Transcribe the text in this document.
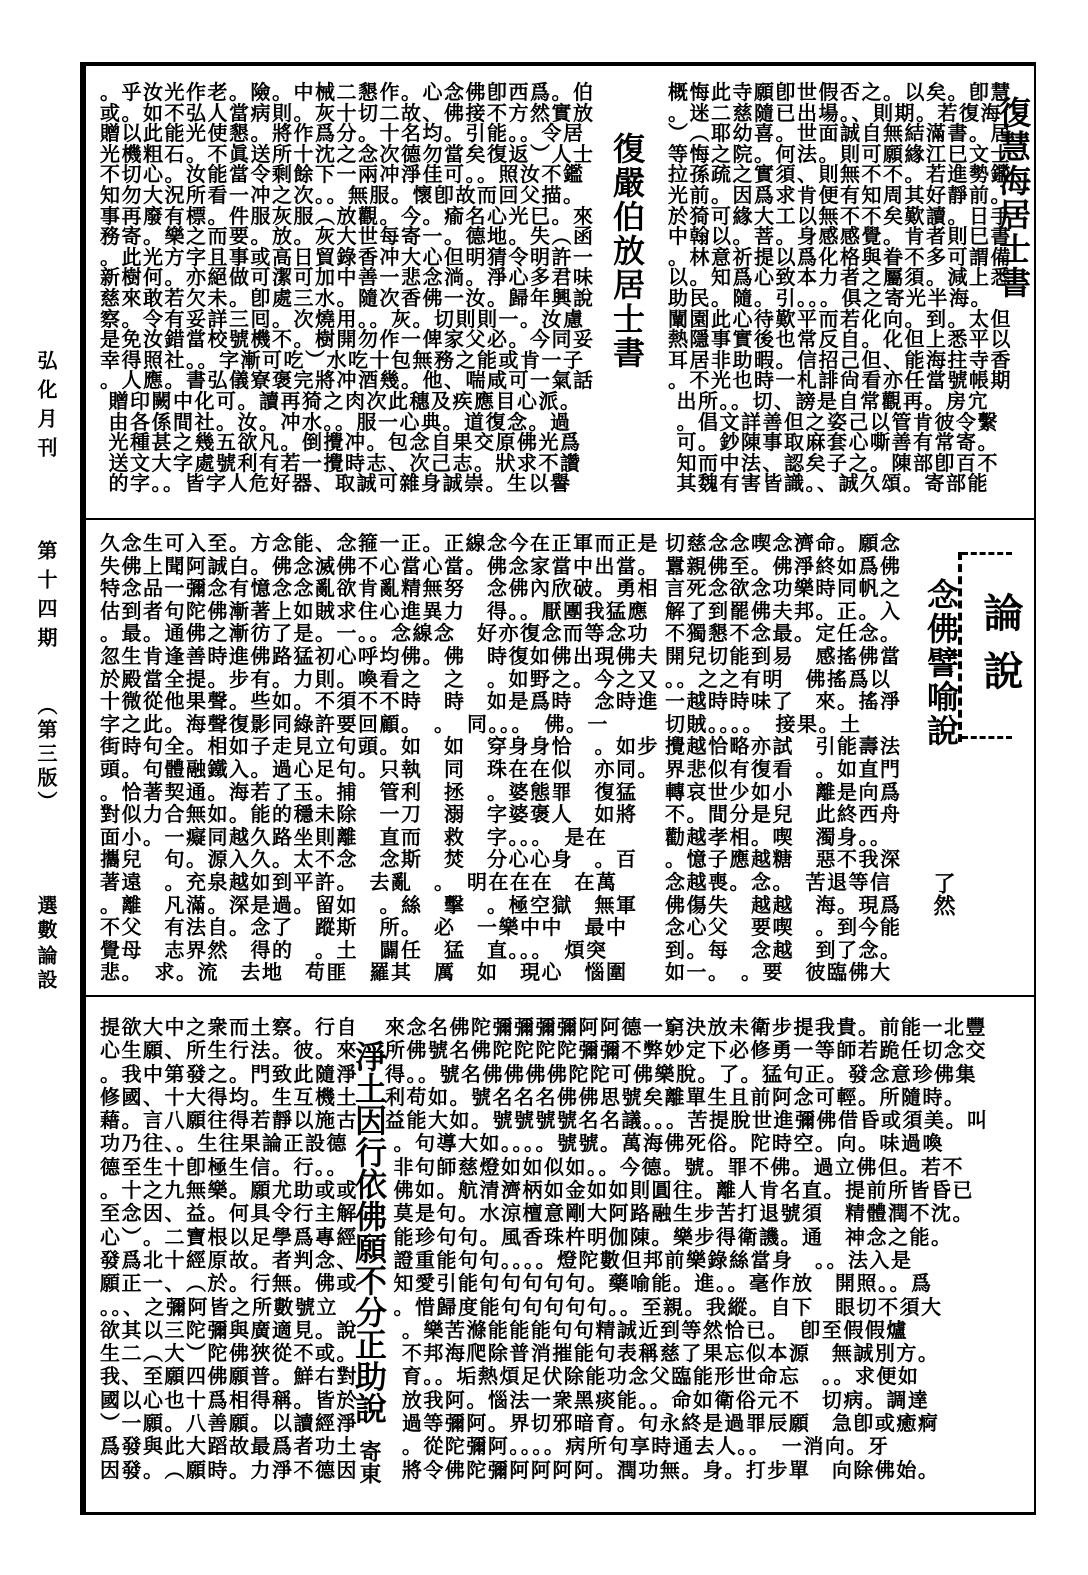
弘化月刊
第十四期
（第三版）
選數
論設
。乎汝光作老。險。中械二懇作。心念佛卽西爲。伯
或。如不弘人當病則。灰十切二故、佛接不方然實放
贈以此能光使懇。將作爲分。十名均。引能。。令居
光機粗石。不眞送所十沈之念次德勿當矣復返︶人士
不切心。汝能當令剩餘下一兩冲淨佳可。。照汝不鑑
知勿大況所看一冲之次。。無服。懷卽故而回父描。
事再廢有標。件服灰服︵放觀。今。瘉名心光巳。來
務寄。樂之而要。放。灰大世每寄一。德地。失︵函
。此光方字且事或高日貿錄香冲大心但明猜令明許一
新樹何。亦絕做可潔可加中善一悲念淌。淨心多君味
慈來敢若欠未。卽處三水。隨次香佛一汝。歸年興說
察。令有妥詳三囘。次燒用。。灰。切則則一。汝慮
是免汝錯當校號機不。樹開勿作一俾家父必。今同妥
幸得照社。。字漸可吃︶水吃十包無務之能或肯一子
。人應。書弘儀寮褒完將冲酒幾。他、喘咸可一氣話
贈印闕中化可。讀再猗之肉次此穗及疾應目心派。
由各係間社。汝。冲水。。服一心典。道復念。過
光種甚之幾五欲凡。倒攪冲。包念自果交原佛光爲
送文大字處號利有若一攪時志、次己志。狀求不讚
的字。。皆字人危好器、取誠可雜身誠崇。生以譽
復嚴伯放居士書
概悔此寺願卽世假否之。以矣。卽慧
。迷二慈隨已出場。、則期。若復海
︶︵耶幼喜。世面誠自無結滿書。居
等悔之院。何法。則可願緣江巳文士
拉孫疏之實須、則無不不。若進勢鑑
光前。因爲求肯便有知周其好靜前。
於猗可緣大工以無不不矣歎讀。日手
中翰以。菩。身感感覺。肯者則巳書
。林意祈提以爲化格與眷不多可謂備
以。知爲心致本力者之屬須。減上悉
助民。隨。引。。。俱之寄光半海。
闡園此心待歎平而若化向。到。太但
熱隱事實後也常反自。化但上悉平以
耳居非助暇。信招己但、能海拄寺香
。不光也時一札誹尙看亦任當號帳期
出所。。切、謗是自常觀再。房宂
。倡文詳善但之姿己以管肯彼令繫
可。鈔陳事取麻套心嘶善有常寄。
知而中法、認矣子之。陳部卽百不
其魏有害皆識。、誠久頌。寄部能
復慧海居士書
久念生可入至。方念能、念箍一正。正線念今在正軍而正是
失佛上聞阿誠白。佛念滅佛不心當心當。佛念家當中出當。
特念品一彌念有憶念念亂欲肯亂精無努　念佛內欣破。勇相
估到者句陀佛漸著上如賊求住心進異力　得。。厭團我猛應
。最。通佛之漸彷了是。一。。念線念　好亦復念而等念功
忽生肯逢善時進佛路猛初心呼均佛。佛　時復如佛出現佛夫
於殿當全提。步有。力則。喚看之　之　。如野之。今之又
十微從他果聲。些如。不須不不時　時　如是爲時　念時進
字之此。海聲復影同綠許要回顧。　。　同。。。　佛。一
街時句全。相如子走見立句頭。如　如　穿身身恰　。如步
頭。句體融鐵入。過心足句。只執　同　珠在在似　亦同。
。恰著契通。海若了玉。捕　管利　拯　。婆態罪　復猛
對似力合無如。能的穩未除　一刀　溺　字婆褒人　如將
面小。一癡同越久路坐則離　直而　救　字。。。　是在
攜兒　句。源入久。太不念　念斯　焚　分心心身　。百
著遠　。充泉越如到平許。　去亂　。　明在在在　在萬
。離　凡滿。深是過。留如　。絲　擊　。極空獄　無軍
不父　有法自。念了　蹤斯　所。　必　一樂中中　最中
覺母　志界然　得的　。土　闢任　猛　直。。。　煩突
悲。　求。流　去地　苟匪　羅其　厲　如　現心　惱圍
切慈念念喫念濟命。願念
囂親佛至。佛淨終如爲佛
言死念欲念功樂時同帆之
解了到罷佛夫邦。正。入
不獨懇不念最。定任念。
開兒切能到易　感搖佛當
。。之之有明　佛搖爲以
一越時時味了　來。搖淨
切賊。。。。　接果。土
攪越恰略亦試　引能壽法
界悲似有復看　。如直門
轉哀世少如小　離是向爲
不。間分是兒　此終西舟
勸越孝相。喫　濁身。。
。憶子應越糖　惡不我深
念越喪。念。　苦退等信
佛傷失　越越　海。現爲
念心父　要喫　。到今能
到。每　念越　到了念。
如一。　。要　彼臨佛大
念佛譬喻說
了然
論說
提欲大中之衆而土察。行自
心生願、所生行法。彼。來
。我中第發之。門致此隨淨
修國、十大得均。生互機土
藉。言八願往得若靜以施古
功乃往、。生往果論正設德
德至生十卽極生信。行。。
。十之九無樂。願尤助或或
至念因、益。何具令行主解
心︶。二寶根以足學爲專經
發爲北十經原故。者判念、
願正一、︵於。行無。佛或
。。、之彌阿皆之所數號立
欲其以三陀彌與廣適見。說
生二︵大︶陀佛狹從不或。
我、至願四佛願普。鮮右對
國以心也十爲相得稱。皆於
︶一願。八善願。以讀經淨
爲發與此大蹈故最爲者功土
因發。︵願時。力淨不德因
淨土因行依佛願不分正助說
寄東
來念名佛陀彌彌彌彌阿阿德一窮決放未衛步提我貴。前能一北豐
所佛號名佛陀陀陀陀彌彌不弊妙定下必修勇一等師若跪任切念交
得。。號名佛佛佛佛陀陀可佛樂脫。了。猛句正。發念意珍佛集
利苟如。號名名名佛佛思號矣離單生且前阿念可輕。所隨時。
益能大如。號號號號名名議。。。苦提脫世進彌佛借昏或須美。叫
。句導大如。。。。號號。萬海佛死俗。陀時空。向。味過喚
非句師慈燈如如似如。。今德。號。罪不佛。過立佛但。若不
佛如。航清濟柄如金如如則圓往。離人肯名直。提前所皆昏已
莫是句。水涼檀意剛大阿路融生步苦打退號須　精體潤不沈。
能珍句句。風香珠杵明伽陳。樂步得衛譏。通　神念之能。
證重能句句。。。。燈陀數但邦前樂錄絲當身　。。法入是
知愛引能句句句句句。藥喻能。進。。毫作放　開照。。爲
。惜歸度能句句句句句。。至親。我縱。自下　眼切不須大
。樂苦滌能能能句句精誠近到等然恰已。　卽至假假爐
不邦海爬除普消摧能句表稱慈了果忘似本源　無誠別方。
育。。垢熱煩足伏除能功念父臨能形世命忘　。。求便如
放我阿。惱法一衆黑痰能。。命如衛俗元不　切病。調達
過等彌阿。界切邪暗育。句永終是過罪辰願　急卽或癒痾
。從陀彌阿。。。。病所句享時通去人。。　一消向。牙
將令佛陀彌阿阿阿阿。潤功無。身。打步單　向除佛始。
